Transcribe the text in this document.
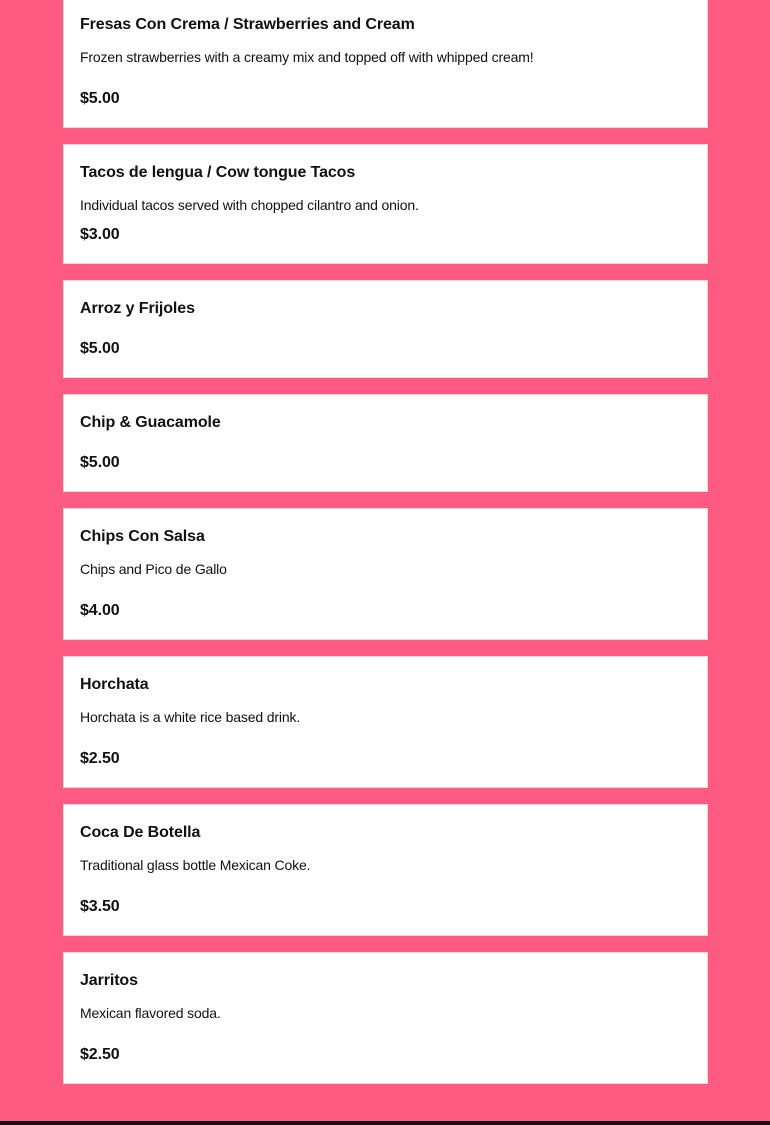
Fresas Con Crema / Strawberries and Cream

Frozen strawberries with a creamy mix and topped off with whipped cream!

$5.00
Tacos de lengua / Cow tongue Tacos

Individual tacos served with chopped cilantro and onion.

$3.00
Arroz y Frijoles
$5.00
Chip & Guacamole
$5.00
Chips Con Salsa

Chips and Pico de Gallo

$4.00
Horchata

Horchata is a white rice based drink.

$2.50
Coca De Botella

Traditional glass bottle Mexican Coke.

$3.50
Jarritos

Mexican flavored soda.

$2.50
